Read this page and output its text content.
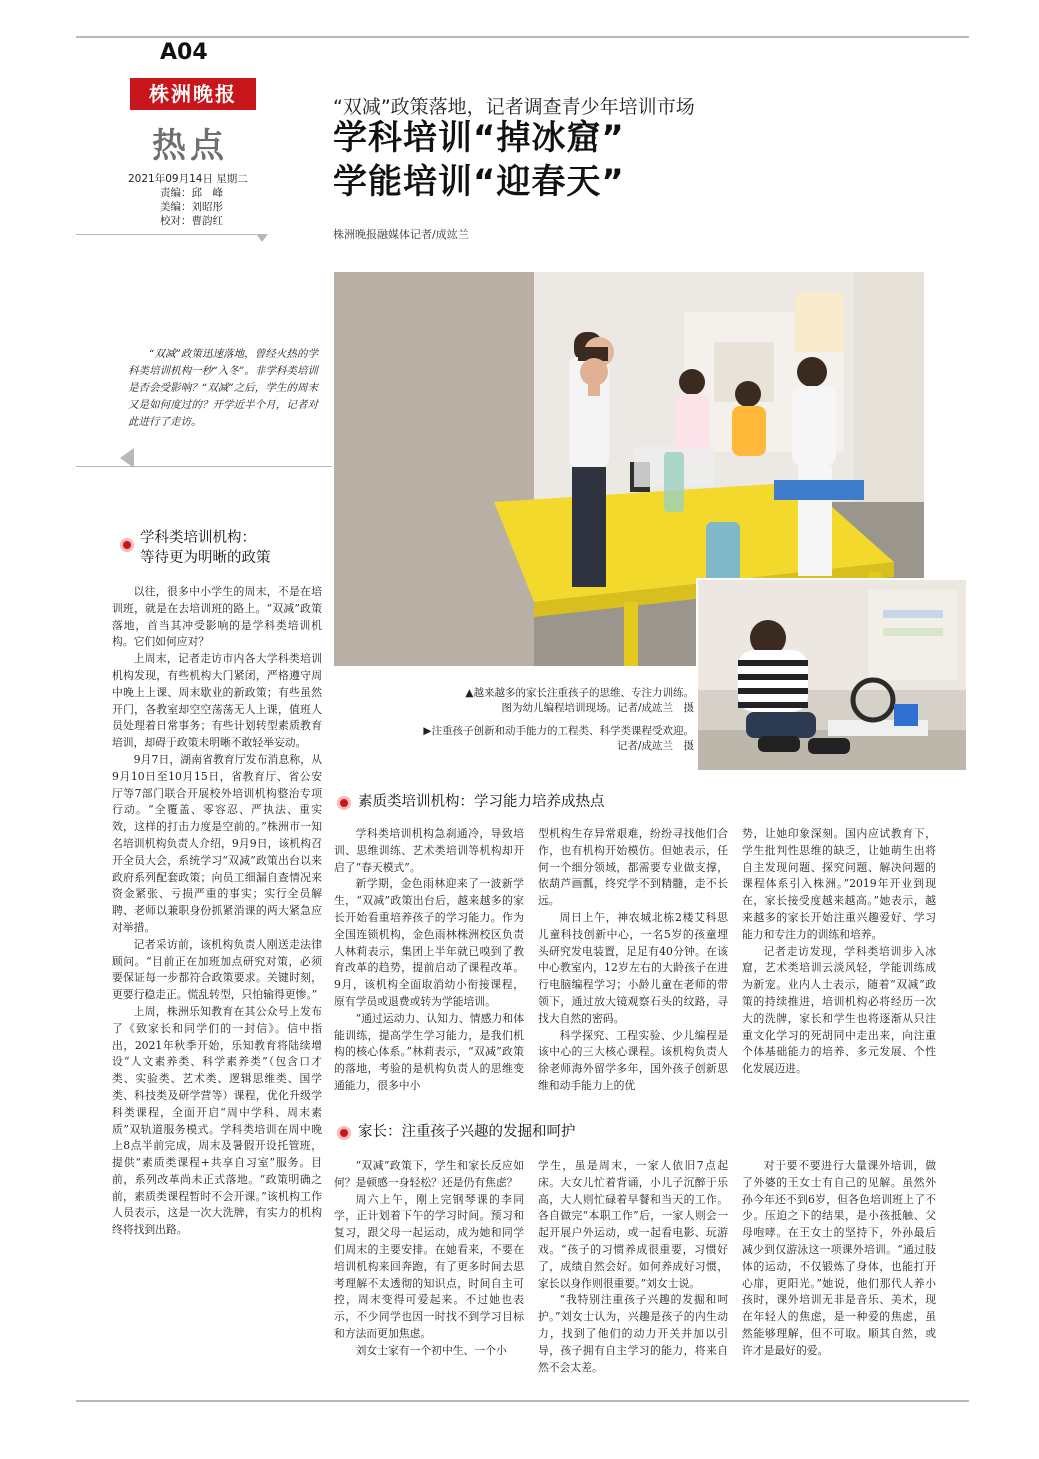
A04
株洲晚报
热点
2021年09月14日 星期二
责编：邱　峰
美编：刘昭彤
校对：曹韵红
“双减”政策落地，记者调查青少年培训市场
学科培训“掉冰窟”
学能培训“迎春天”
株洲晚报融媒体记者/成竑兰
“双减”政策迅速落地，曾经火热的学科类培训机构一秒“入冬”。非学科类培训是否会受影响？“双减”之后，学生的周末又是如何度过的？开学近半个月，记者对此进行了走访。
▲越来越多的家长注重孩子的思维、专注力训练。
图为幼儿编程培训现场。记者/成竑兰　摄
▶注重孩子创新和动手能力的工程类、科学类课程受欢迎。
记者/成竑兰　摄
学科类培训机构：
等待更为明晰的政策

以往，很多中小学生的周末，不是在培训班，就是在去培训班的路上。“双减”政策落地，首当其冲受影响的是学科类培训机构。它们如何应对？

上周末，记者走访市内各大学科类培训机构发现，有些机构大门紧闭，严格遵守周中晚上上课、周末歇业的新政策；有些虽然开门，各教室却空空荡荡无人上课，值班人员处理着日常事务；有些计划转型素质教育培训，却碍于政策未明晰不敢轻举妄动。

9月7日，湖南省教育厅发布消息称，从9月10日至10月15日，省教育厅、省公安厅等7部门联合开展校外培训机构整治专项行动。“全覆盖、零容忍、严执法、重实效，这样的打击力度是空前的。”株洲市一知名培训机构负责人介绍，9月9日，该机构召开全员大会，系统学习“双减”政策出台以来政府系列配套政策；向员工细漏自查情况来资金紧张、亏损严重的事实；实行全员解聘、老师以兼职身份抓紧消课的两大紧急应对举措。

记者采访前，该机构负责人刚送走法律顾问。“目前正在加班加点研究对策，必须要保证每一步都符合政策要求。关键时刻，更要行稳走正。慌乱转型，只怕输得更惨。”

上周，株洲乐知教育在其公众号上发布了《致家长和同学们的一封信》。信中指出，2021年秋季开始，乐知教育将陆续增设“人文素养类、科学素养类”（包含口才类、实验类、艺术类、逻辑思维类、国学类、科技类及研学营等）课程，优化升级学科类课程，全面开启“周中学科、周末素质”双轨道服务模式。学科类培训在周中晚上8点半前完成，周末及暑假开设托管班，提供“素质类课程+共享自习室”服务。目前，系列改革尚未正式落地。“政策明确之前，素质类课程暂时不会开课。”该机构工作人员表示，这是一次大洗牌，有实力的机构终将找到出路。

素质类培训机构：学习能力培养成热点

学科类培训机构急刹通冷，导致培训、思维训练、艺术类培训等机构却开启了“春天模式”。

新学期，金色雨林迎来了一波新学生，“双减”政策出台后，越来越多的家长开始看重培养孩子的学习能力。作为全国连锁机构，金色雨林株洲校区负责人林莉表示，集团上半年就已嗅到了教育改革的趋势，提前启动了课程改革。9月，该机构全面取消幼小衔接课程，原有学员或退费或转为学能培训。

“通过运动力、认知力、情感力和体能训练，提高学生学习能力，是我们机构的核心体系。”林莉表示，“双减”政策的落地，考验的是机构负责人的思维变通能力，很多中小

型机构生存异常艰难，纷纷寻找他们合作，也有机构开始模仿。但她表示，任何一个细分领域，都需要专业做支撑，依葫芦画瓢，终究学不到精髓，走不长远。

周日上午，神农城北栋2楼艾科思儿童科技创新中心，一名5岁的孩童埋头研究发电装置，足足有40分钟。在该中心教室内，12岁左右的大龄孩子在进行电脑编程学习；小龄儿童在老师的带领下，通过放大镜观察石头的纹路，寻找大自然的密码。

科学探究、工程实验、少儿编程是该中心的三大核心课程。该机构负责人徐老师海外留学多年，国外孩子创新思维和动手能力上的优

势，让她印象深刻。国内应试教育下，学生批判性思维的缺乏，让她萌生出将自主发现问题、探究问题、解决问题的课程体系引入株洲。”2019年开业到现在，家长接受度越来越高。”她表示，越来越多的家长开始注重兴趣爱好、学习能力和专注力的训练和培养。

记者走访发现，学科类培训步入冰窟，艺术类培训云淡风轻，学能训练成为新宠。业内人士表示，随着“双减”政策的持续推进，培训机构必将经历一次大的洗牌，家长和学生也将逐渐从只注重文化学习的死胡同中走出来，向注重个体基础能力的培养、多元发展、个性化发展迈进。

家长：注重孩子兴趣的发掘和呵护

“双减”政策下，学生和家长反应如何？是顿感一身轻松？还是仍有焦虑？

周六上午，刚上完钢琴课的李同学，正计划着下午的学习时间。预习和复习，跟父母一起运动，成为她和同学们周末的主要安排。在她看来，不要在培训机构来回奔跑，有了更多时间去思考理解不太透彻的知识点，时间自主可控，周末变得可爱起来。不过她也表示，不少同学也因一时找不到学习目标和方法而更加焦虑。

刘女士家有一个初中生、一个小

学生，虽是周末，一家人依旧7点起床。大女儿忙着背诵，小儿子沉醉于乐高，大人则忙碌着早餐和当天的工作。各自做完“本职工作”后，一家人则会一起开展户外运动，或一起看电影、玩游戏。“孩子的习惯养成很重要，习惯好了，成绩自然会好。如何养成好习惯，家长以身作则很重要。”刘女士说。

“我特别注重孩子兴趣的发掘和呵护。”刘女士认为，兴趣是孩子的内生动力，找到了他们的动力开关并加以引导，孩子拥有自主学习的能力，将来自然不会太差。

对于要不要进行大量课外培训，做了外婆的王女士有自己的见解。虽然外孙今年还不到6岁，但各色培训班上了不少。压迫之下的结果，是小孩抵触、父母咆哮。在王女士的坚持下，外孙最后减少到仅游泳这一项课外培训。“通过肢体的运动，不仅锻炼了身体，也能打开心扉，更阳光。”她说，他们那代人养小孩时，课外培训无非是音乐、美术，现在年轻人的焦虑，是一种爱的焦虑，虽然能够理解，但不可取。顺其自然，或许才是最好的爱。
